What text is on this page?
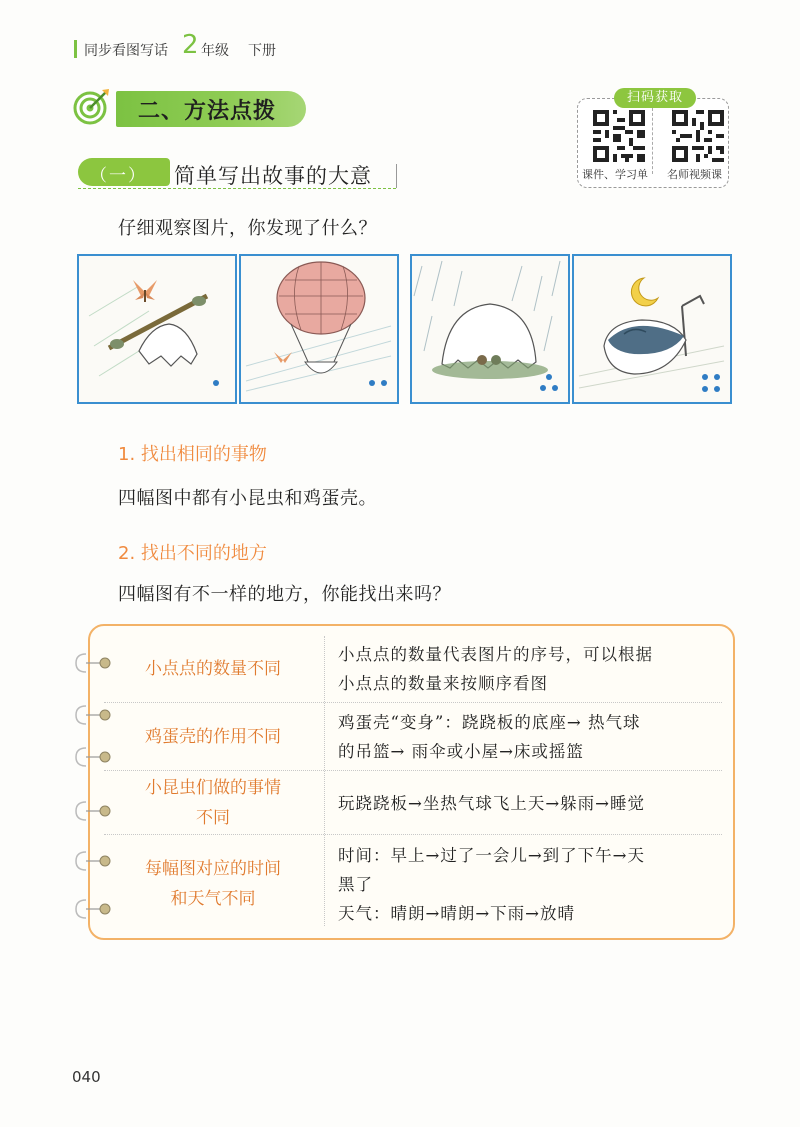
同步看图写话 2 年级 下册
二、方法点拨
扫码获取
课件、学习单 名师视频课
（一） 简单写出故事的大意
仔细观察图片，你发现了什么？
1. 找出相同的事物
四幅图中都有小昆虫和鸡蛋壳。
2. 找出不同的地方
四幅图有不一样的地方，你能找出来吗？
小点点的数量不同
小点点的数量代表图片的序号，可以根据
小点点的数量来按顺序看图
鸡蛋壳的作用不同
鸡蛋壳“变身”：跷跷板的底座→ 热气球
的吊篮→ 雨伞或小屋→床或摇篮
小昆虫们做的事情
不同
玩跷跷板→坐热气球飞上天→躲雨→睡觉
每幅图对应的时间
和天气不同
时间：早上→过了一会儿→到了下午→天
黑了
天气：晴朗→晴朗→下雨→放晴
040
